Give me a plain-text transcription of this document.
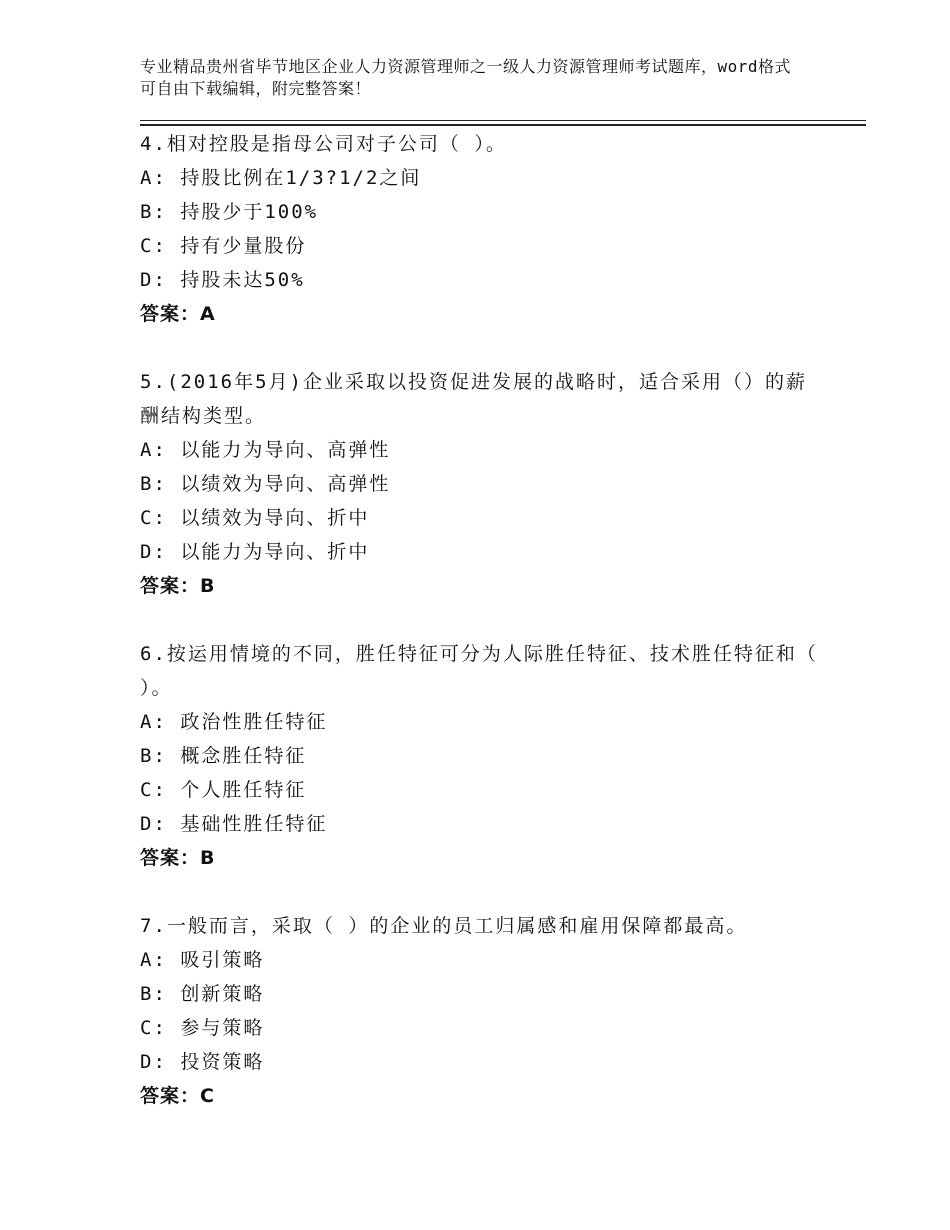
专业精品贵州省毕节地区企业人力资源管理师之一级人力资源管理师考试题库，word格式可自由下载编辑，附完整答案！
4.相对控股是指母公司对子公司（ ）。
A: 持股比例在1/3?1/2之间
B: 持股少于100%
C: 持有少量股份
D: 持股未达50%
答案：A
5.(2016年5月)企业采取以投资促进发展的战略时，适合采用（）的薪酬结构类型。
A: 以能力为导向、高弹性
B: 以绩效为导向、高弹性
C: 以绩效为导向、折中
D: 以能力为导向、折中
答案：B
6.按运用情境的不同，胜任特征可分为人际胜任特征、技术胜任特征和（ ）。
A: 政治性胜任特征
B: 概念胜任特征
C: 个人胜任特征
D: 基础性胜任特征
答案：B
7.一般而言，采取（ ）的企业的员工归属感和雇用保障都最高。
A: 吸引策略
B: 创新策略
C: 参与策略
D: 投资策略
答案：C
